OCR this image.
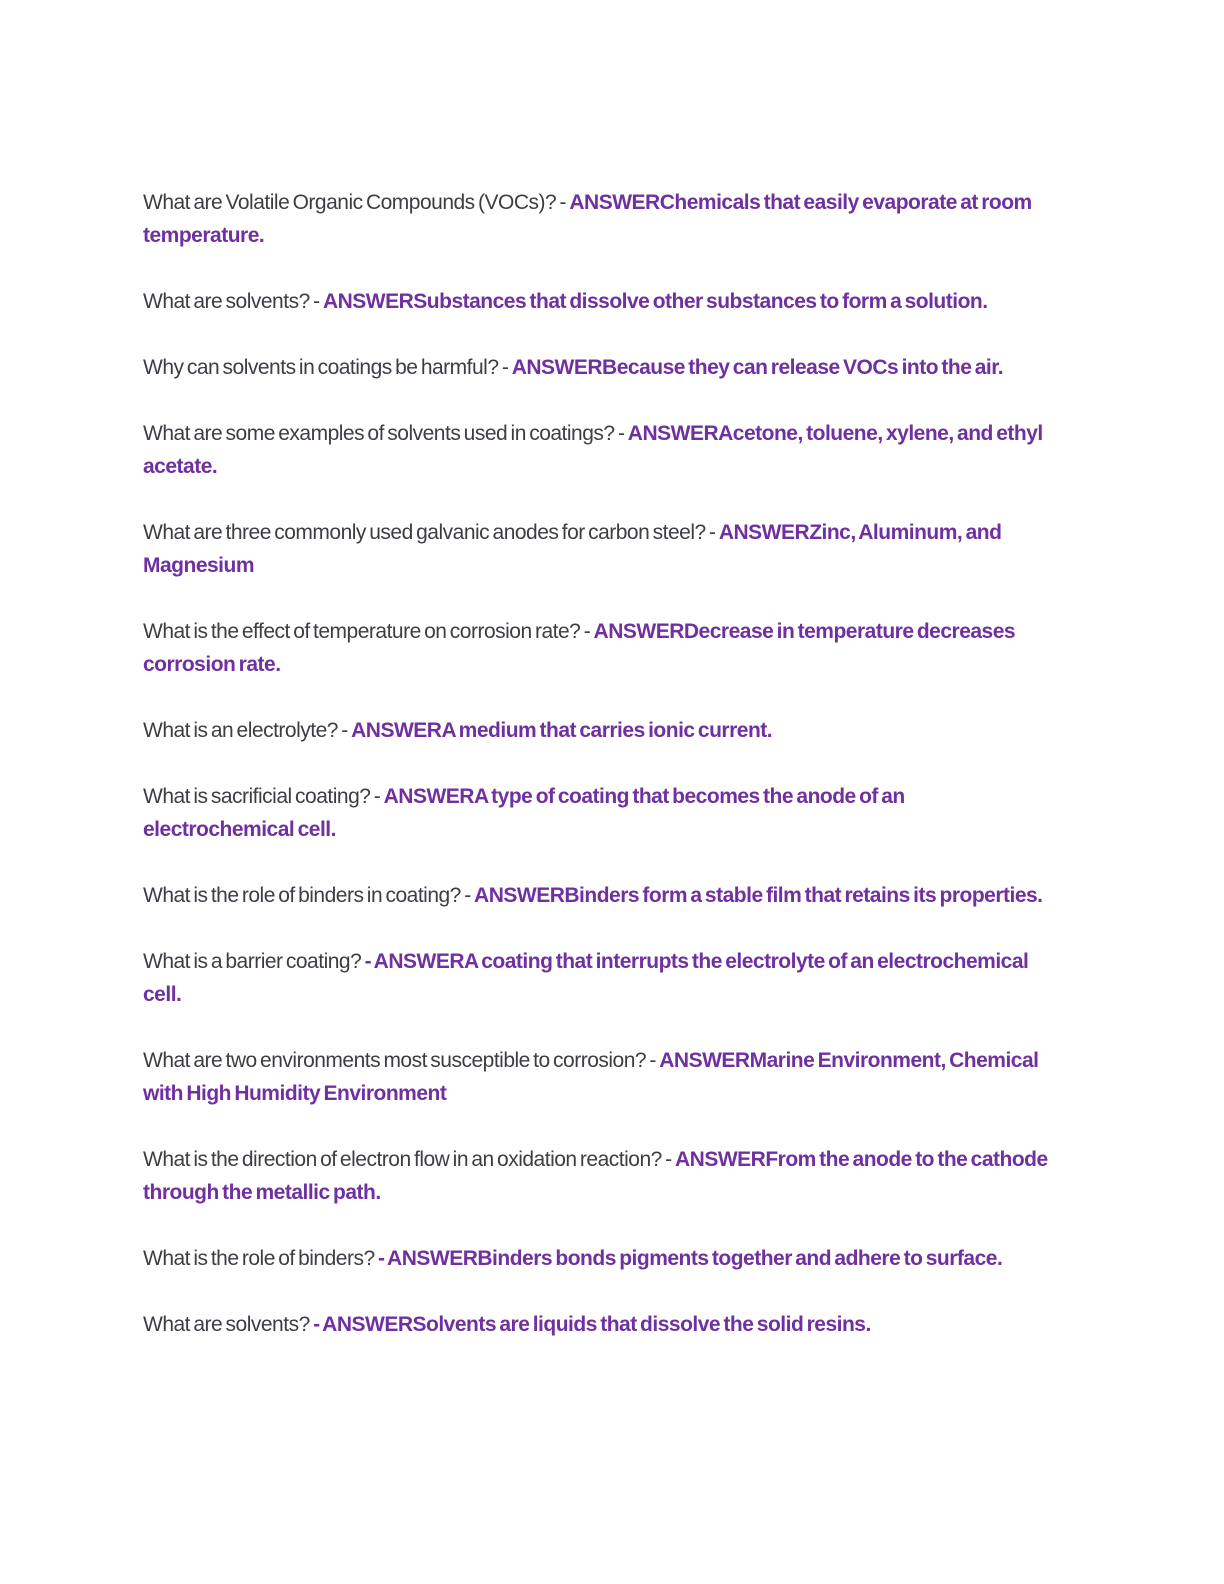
What are Volatile Organic Compounds (VOCs)? - ANSWERChemicals that easily evaporate at room temperature.

What are solvents? - ANSWERSubstances that dissolve other substances to form a solution.

Why can solvents in coatings be harmful? - ANSWERBecause they can release VOCs into the air.

What are some examples of solvents used in coatings? - ANSWERAcetone, toluene, xylene, and ethyl acetate.

What are three commonly used galvanic anodes for carbon steel? - ANSWERZinc, Aluminum, and Magnesium

What is the effect of temperature on corrosion rate? - ANSWERDecrease in temperature decreases corrosion rate.

What is an electrolyte? - ANSWERA medium that carries ionic current.

What is sacrificial coating? - ANSWERA type of coating that becomes the anode of an electrochemical cell.

What is the role of binders in coating? - ANSWERBinders form a stable film that retains its properties.

What is a barrier coating? - ANSWERA coating that interrupts the electrolyte of an electrochemical cell.

What are two environments most susceptible to corrosion? - ANSWERMarine Environment, Chemical with High Humidity Environment

What is the direction of electron flow in an oxidation reaction? - ANSWERFrom the anode to the cathode through the metallic path.

What is the role of binders? - ANSWERBinders bonds pigments together and adhere to surface.

What are solvents? - ANSWERSolvents are liquids that dissolve the solid resins.
